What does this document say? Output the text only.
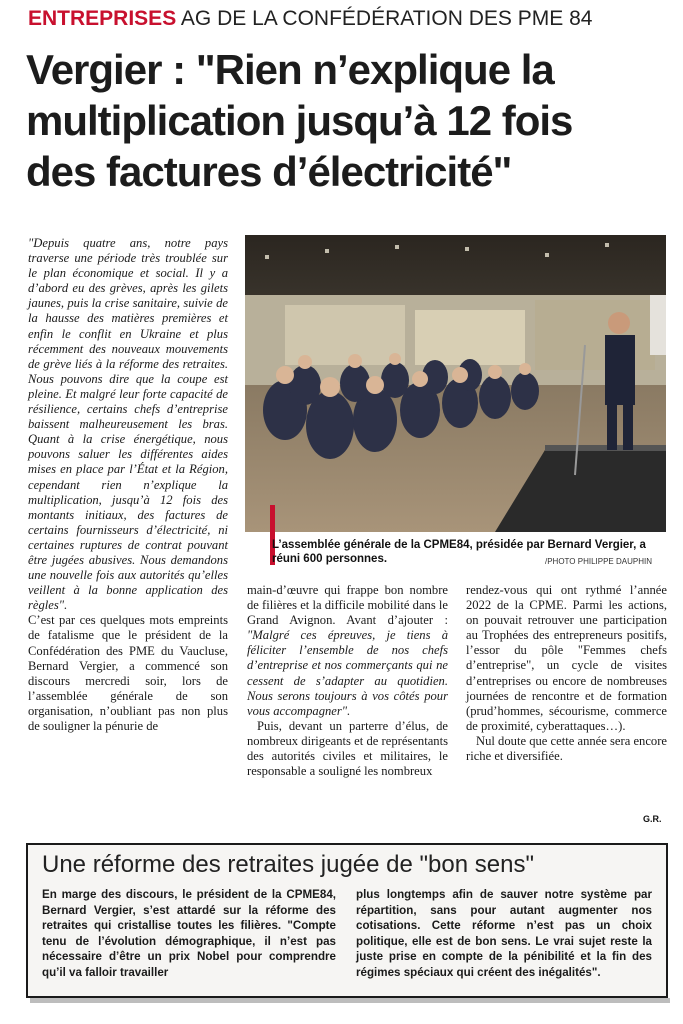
ENTREPRISES AG DE LA CONFÉDÉRATION DES PME 84
Vergier : "Rien n’explique la
multiplication jusqu’à 12 fois
des factures d’électricité"

"Depuis quatre ans, notre pays traverse une période très troublée sur le plan économique et social. Il y a d’abord eu des grèves, après les gilets jaunes, puis la crise sanitaire, suivie de la hausse des matières premières et enfin le conflit en Ukraine et plus récemment des nouveaux mouvements de grève liés à la réforme des retraites. Nous pouvons dire que la coupe est pleine. Et malgré leur forte capacité de résilience, certains chefs d’entreprise baissent malheureusement les bras. Quant à la crise énergétique, nous pouvons saluer les différentes aides mises en place par l’État et la Région, cependant rien n’explique la multiplication, jusqu’à 12 fois des montants initiaux, des factures de certains fournisseurs d’électricité, ni certaines ruptures de contrat pouvant être jugées abusives. Nous demandons une nouvelle fois aux autorités qu’elles veillent à la bonne application des règles".

C’est par ces quelques mots empreints de fatalisme que le président de la Confédération des PME du Vaucluse, Bernard Vergier, a commencé son discours mercredi soir, lors de l’assemblée générale de son organisation, n’oubliant pas non plus de souligner la pénurie de

L’assemblée générale de la CPME84, présidée par Bernard Vergier, a réuni 600 personnes.	/PHOTO PHILIPPE DAUPHIN

main-d’œuvre qui frappe bon nombre de filières et la difficile mobilité dans le Grand Avignon. Avant d’ajouter : "Malgré ces épreuves, je tiens à féliciter l’ensemble de nos chefs d’entreprise et nos commerçants qui ne cessent de s’adapter au quotidien. Nous serons toujours à vos côtés pour vous accompagner".

Puis, devant un parterre d’élus, de nombreux dirigeants et de représentants des autorités civiles et militaires, le responsable a souligné les nombreux

rendez-vous qui ont rythmé l’année 2022 de la CPME. Parmi les actions, on pouvait retrouver une participation au Trophées des entrepreneurs positifs, l’essor du pôle "Femmes chefs d’entreprise", un cycle de visites d’entreprises ou encore de nombreuses journées de rencontre et de formation (prud’hommes, sécourisme, commerce de proximité, cyberattaques…).

Nul doute que cette année sera encore riche et diversifiée.

G.R.
Une réforme des retraites jugée de "bon sens"
En marge des discours, le président de la CPME84, Bernard Vergier, s’est attardé sur la réforme des retraites qui cristallise toutes les filières. "Compte tenu de l’évolution démographique, il n’est pas nécessaire d’être un prix Nobel pour comprendre qu’il va falloir travailler
plus longtemps afin de sauver notre système par répartition, sans pour autant augmenter nos cotisations. Cette réforme n’est pas un choix politique, elle est de bon sens. Le vrai sujet reste la juste prise en compte de la pénibilité et la fin des régimes spéciaux qui créent des inégalités".
